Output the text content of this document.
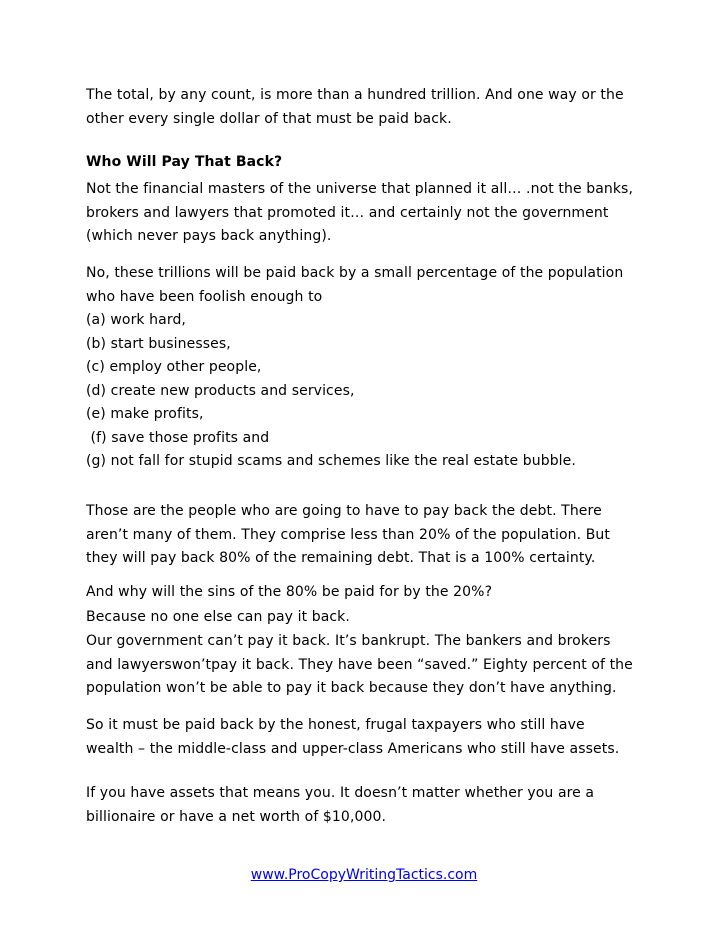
The total, by any count, is more than a hundred trillion. And one way or the
other every single dollar of that must be paid back.
Who Will Pay That Back?
Not the financial masters of the universe that planned it all… .not the banks,
brokers and lawyers that promoted it… and certainly not the government
(which never pays back anything).
No, these trillions will be paid back by a small percentage of the population
who have been foolish enough to
(a) work hard,
(b) start businesses,
(c) employ other people,
(d) create new products and services,
(e) make profits,
(f) save those profits and
(g) not fall for stupid scams and schemes like the real estate bubble.
Those are the people who are going to have to pay back the debt. There
aren’t many of them. They comprise less than 20% of the population. But
they will pay back 80% of the remaining debt. That is a 100% certainty.
And why will the sins of the 80% be paid for by the 20%?
Because no one else can pay it back.
Our government can’t pay it back. It’s bankrupt. The bankers and brokers
and lawyerswon’tpay it back. They have been “saved.” Eighty percent of the
population won’t be able to pay it back because they don’t have anything.
So it must be paid back by the honest, frugal taxpayers who still have
wealth – the middle-class and upper-class Americans who still have assets.
If you have assets that means you. It doesn’t matter whether you are a
billionaire or have a net worth of $10,000.
www.ProCopyWritingTactics.com
